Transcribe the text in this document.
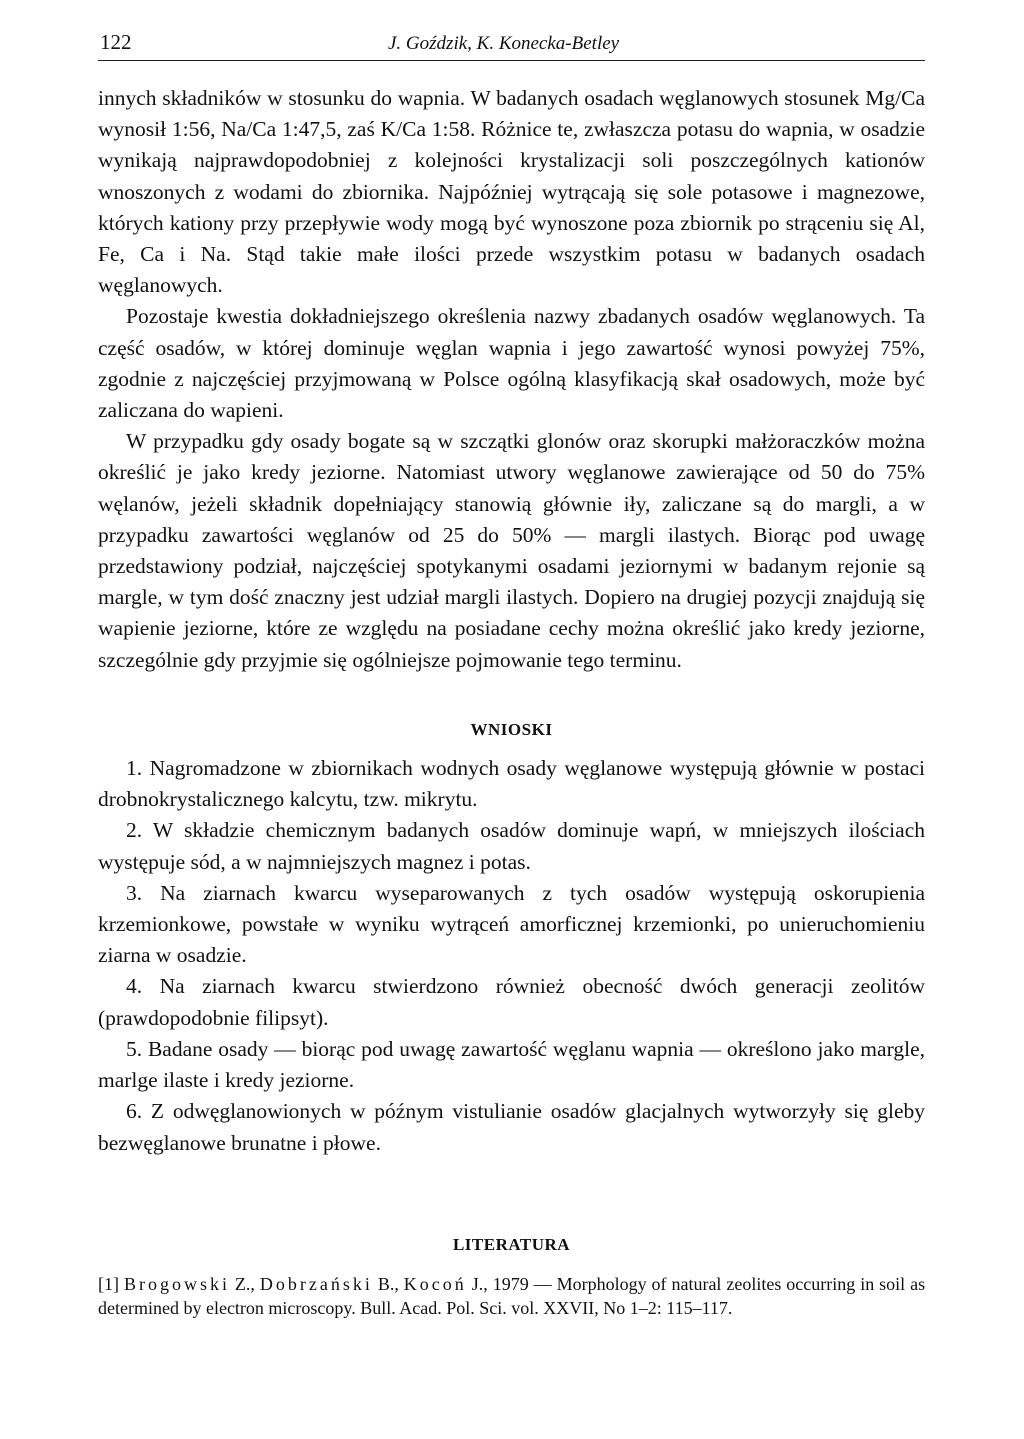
122	J. Goździk, K. Konecka-Betley

innych składników w stosunku do wapnia. W badanych osadach węglanowych stosunek Mg/Ca wynosił 1:56, Na/Ca 1:47,5, zaś K/Ca 1:58. Różnice te, zwłaszcza potasu do wapnia, w osadzie wynikają najprawdopodobniej z kolejności krystalizacji soli poszczególnych kationów wnoszonych z wodami do zbiornika. Najpóźniej wytrącają się sole potasowe i magnezowe, których kationy przy przepływie wody mogą być wynoszone poza zbiornik po strąceniu się Al, Fe, Ca i Na. Stąd takie małe ilości przede wszystkim potasu w badanych osadach węglanowych.

Pozostaje kwestia dokładniejszego określenia nazwy zbadanych osadów węglanowych. Ta część osadów, w której dominuje węglan wapnia i jego zawartość wynosi powyżej 75%, zgodnie z najczęściej przyjmowaną w Polsce ogólną klasyfikacją skał osadowych, może być zaliczana do wapieni.

W przypadku gdy osady bogate są w szczątki glonów oraz skorupki małżoraczków można określić je jako kredy jeziorne. Natomiast utwory węglanowe zawierające od 50 do 75% węlanów, jeżeli składnik dopełniający stanowią głównie iły, zaliczane są do margli, a w przypadku zawartości węglanów od 25 do 50% — margli ilastych. Biorąc pod uwagę przedstawiony podział, najczęściej spotykanymi osadami jeziornymi w badanym rejonie są margle, w tym dość znaczny jest udział margli ilastych. Dopiero na drugiej pozycji znajdują się wapienie jeziorne, które ze względu na posiadane cechy można określić jako kredy jeziorne, szczególnie gdy przyjmie się ogólniejsze pojmowanie tego terminu.

WNIOSKI

1. Nagromadzone w zbiornikach wodnych osady węglanowe występują głównie w postaci drobnokrystalicznego kalcytu, tzw. mikrytu.

2. W składzie chemicznym badanych osadów dominuje wapń, w mniejszych ilościach występuje sód, a w najmniejszych magnez i potas.

3. Na ziarnach kwarcu wyseparowanych z tych osadów występują oskorupienia krzemionkowe, powstałe w wyniku wytrąceń amorficznej krzemionki, po unieruchomieniu ziarna w osadzie.

4. Na ziarnach kwarcu stwierdzono również obecność dwóch generacji zeolitów (prawdopodobnie filipsyt).

5. Badane osady — biorąc pod uwagę zawartość węglanu wapnia — określono jako margle, marlge ilaste i kredy jeziorne.

6. Z odwęglanowionych w późnym vistulianie osadów glacjalnych wytworzyły się gleby bezwęglanowe brunatne i płowe.

LITERATURA

[1] Brogowski Z., Dobrzański B., Kocoń J., 1979 — Morphology of natural zeolites occurring in soil as determined by electron microscopy. Bull. Acad. Pol. Sci. vol. XXVII, No 1–2: 115–117.
